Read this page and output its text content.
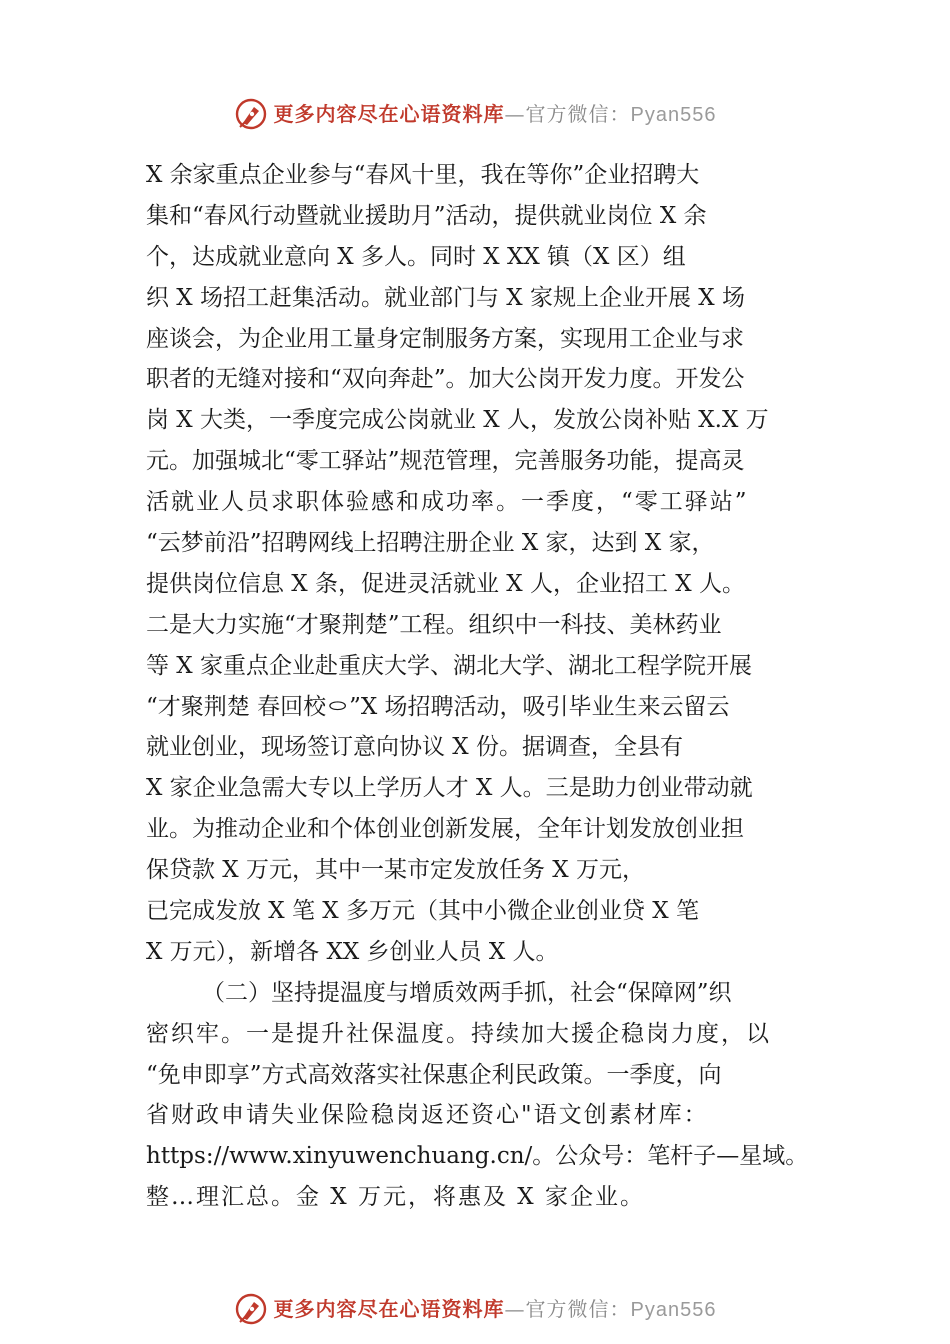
更多内容尽在心语资料库—官方微信：Pyan556
X 余家重点企业参与“春风十里，我在等你”企业招聘大
集和“春风行动暨就业援助月”活动，提供就业岗位 X 余
个，达成就业意向 X 多人。同时 X XX 镇（X 区）组
织 X 场招工赶集活动。就业部门与 X 家规上企业开展 X 场
座谈会，为企业用工量身定制服务方案，实现用工企业与求
职者的无缝对接和“双向奔赴”。加大公岗开发力度。开发公
岗 X 大类，一季度完成公岗就业 X 人，发放公岗补贴 X.X 万
元。加强城北“零工驿站”规范管理，完善服务功能，提高灵
活就业人员求职体验感和成功率。一季度，“零工驿站”
“云梦前沿”招聘网线上招聘注册企业 X 家，达到 X 家，
提供岗位信息 X 条，促进灵活就业 X 人，企业招工 X 人。
二是大力实施“才聚荆楚”工程。组织中一科技、美林药业
等 X 家重点企业赴重庆大学、湖北大学、湖北工程学院开展
“才聚荆楚 春回校㇣”X 场招聘活动，吸引毕业生来云留云
就业创业，现场签订意向协议 X 份。据调查，全县有
X 家企业急需大专以上学历人才 X 人。三是助力创业带动就
业。为推动企业和个体创业创新发展，全年计划发放创业担
保贷款 X 万元，其中一某市定发放任务 X 万元，
已完成发放 X 笔 X 多万元（其中小微企业创业贷 X 笔
X 万元），新增各 XX 乡创业人员 X 人。
（二）坚持提温度与增质效两手抓，社会“保障网”织
密织牢。一是提升社保温度。持续加大援企稳岗力度，以
“免申即享”方式高效落实社保惠企利民政策。一季度，向
省财政申请失业保险稳岗返还资心"语文创素材库：
https://www.xinyuwenchuang.cn/。公众号：笔杆子—星域。
整…理汇总。金 X 万元，将惠及 X 家企业。
更多内容尽在心语资料库—官方微信：Pyan556
